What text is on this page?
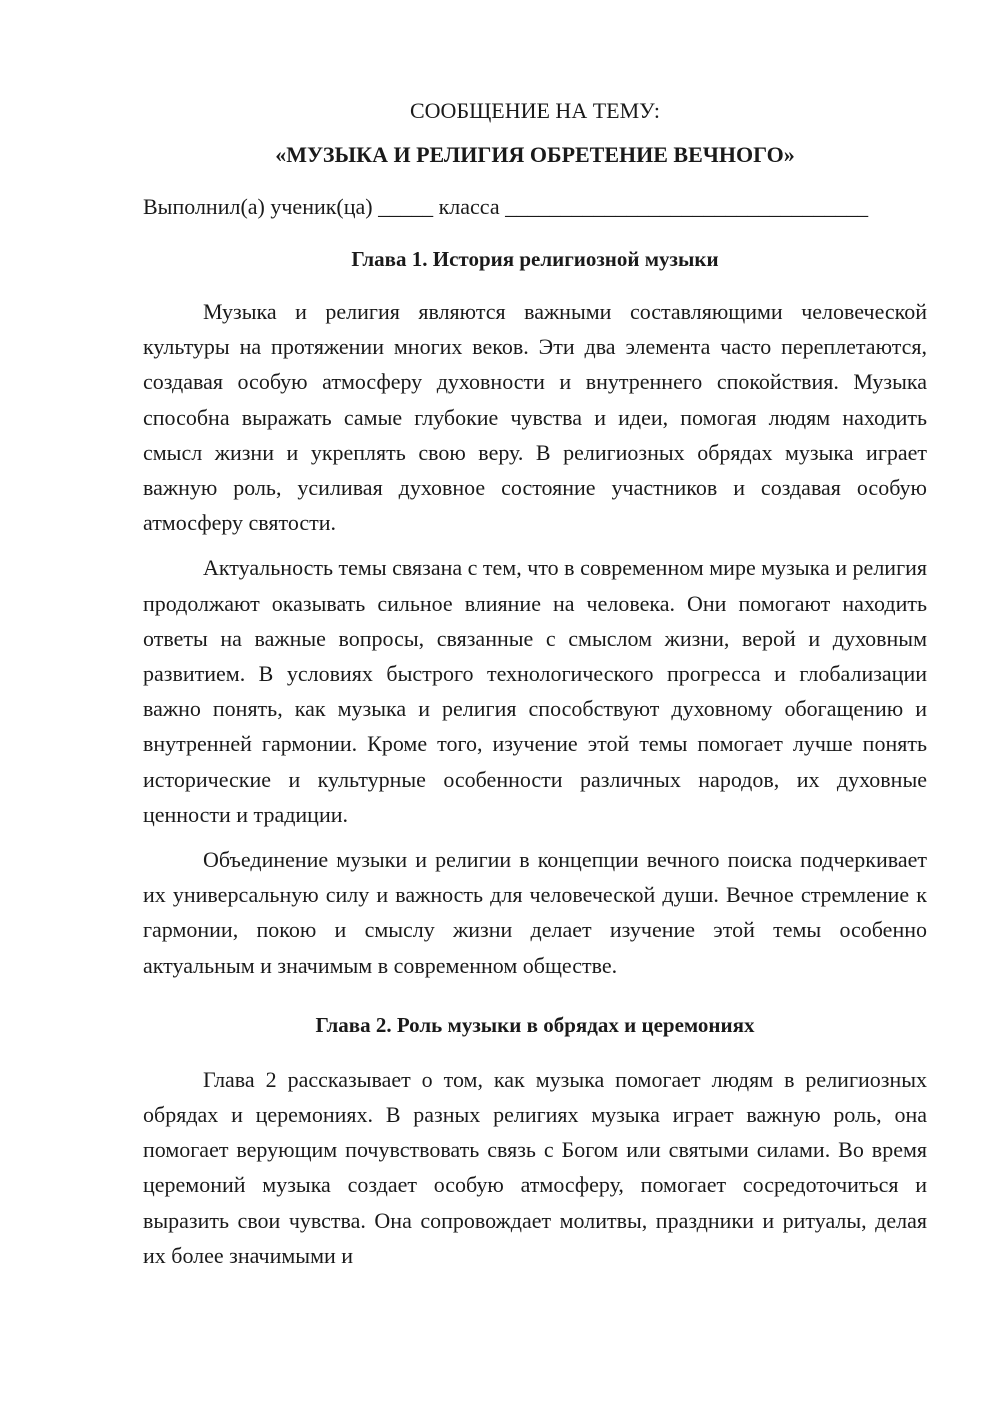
СООБЩЕНИЕ НА ТЕМУ:

«МУЗЫКА И РЕЛИГИЯ ОБРЕТЕНИЕ ВЕЧНОГО»

Выполнил(а) ученик(ца) _____ класса _________________________________

Глава 1. История религиозной музыки

Музыка и религия являются важными составляющими человеческой культуры на протяжении многих веков. Эти два элемента часто переплетаются, создавая особую атмосферу духовности и внутреннего спокойствия. Музыка способна выражать самые глубокие чувства и идеи, помогая людям находить смысл жизни и укреплять свою веру. В религиозных обрядах музыка играет важную роль, усиливая духовное состояние участников и создавая особую атмосферу святости.

Актуальность темы связана с тем, что в современном мире музыка и религия продолжают оказывать сильное влияние на человека. Они помогают находить ответы на важные вопросы, связанные с смыслом жизни, верой и духовным развитием. В условиях быстрого технологического прогресса и глобализации важно понять, как музыка и религия способствуют духовному обогащению и внутренней гармонии. Кроме того, изучение этой темы помогает лучше понять исторические и культурные особенности различных народов, их духовные ценности и традиции.

Объединение музыки и религии в концепции вечного поиска подчеркивает их универсальную силу и важность для человеческой души. Вечное стремление к гармонии, покою и смыслу жизни делает изучение этой темы особенно актуальным и значимым в современном обществе.

Глава 2. Роль музыки в обрядах и церемониях

Глава 2 рассказывает о том, как музыка помогает людям в религиозных обрядах и церемониях. В разных религиях музыка играет важную роль, она помогает верующим почувствовать связь с Богом или святыми силами. Во время церемоний музыка создает особую атмосферу, помогает сосредоточиться и выразить свои чувства. Она сопровождает молитвы, праздники и ритуалы, делая их более значимыми и
